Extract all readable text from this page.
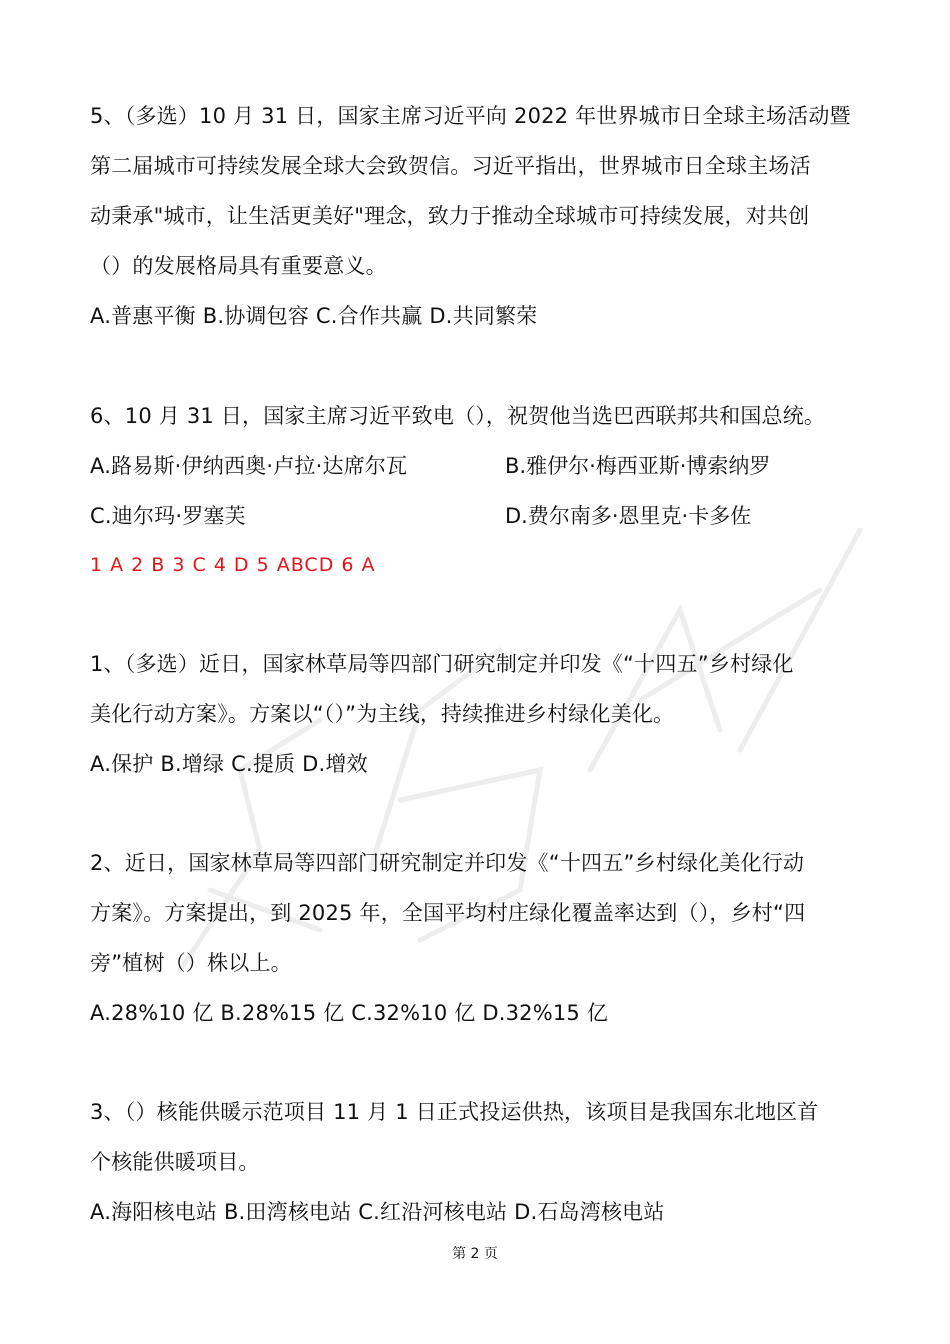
5、（多选）10 月 31 日，国家主席习近平向 2022 年世界城市日全球主场活动暨
第二届城市可持续发展全球大会致贺信。习近平指出，世界城市日全球主场活
动秉承"城市，让生活更美好"理念，致力于推动全球城市可持续发展，对共创
（）的发展格局具有重要意义。
A.普惠平衡 B.协调包容 C.合作共赢 D.共同繁荣
6、10 月 31 日，国家主席习近平致电（），祝贺他当选巴西联邦共和国总统。
A.路易斯·伊纳西奥·卢拉·达席尔瓦	B.雅伊尔·梅西亚斯·博索纳罗
C.迪尔玛·罗塞芙	D.费尔南多·恩里克·卡多佐
1 A 2 B 3 C 4 D 5 ABCD 6 A
1、（多选）近日，国家林草局等四部门研究制定并印发《“十四五”乡村绿化
美化行动方案》。方案以“（）”为主线，持续推进乡村绿化美化。
A.保护 B.增绿 C.提质 D.增效
2、近日，国家林草局等四部门研究制定并印发《“十四五”乡村绿化美化行动
方案》。方案提出，到 2025 年，全国平均村庄绿化覆盖率达到（），乡村“四
旁”植树（）株以上。
A.28%10 亿 B.28%15 亿 C.32%10 亿 D.32%15 亿
3、（）核能供暖示范项目 11 月 1 日正式投运供热，该项目是我国东北地区首
个核能供暖项目。
A.海阳核电站 B.田湾核电站 C.红沿河核电站 D.石岛湾核电站
第 2 页
